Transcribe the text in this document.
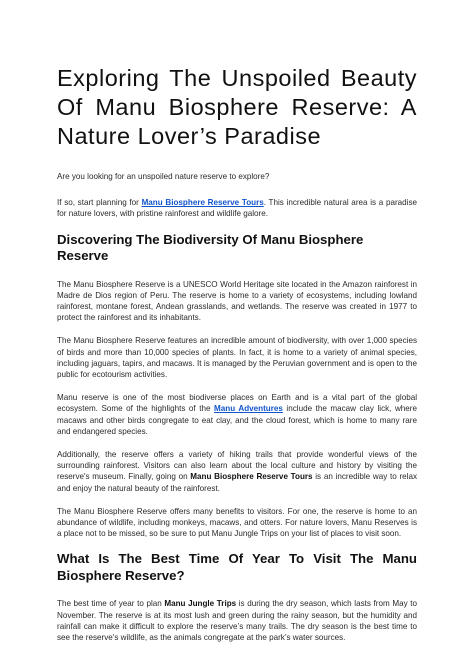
Exploring The Unspoiled Beauty Of Manu Biosphere Reserve: A Nature Lover’s Paradise

Are you looking for an unspoiled nature reserve to explore?

If so, start planning for Manu Biosphere Reserve Tours. This incredible natural area is a paradise for nature lovers, with pristine rainforest and wildlife galore.

Discovering The Biodiversity Of Manu Biosphere Reserve

The Manu Biosphere Reserve is a UNESCO World Heritage site located in the Amazon rainforest in Madre de Dios region of Peru. The reserve is home to a variety of ecosystems, including lowland rainforest, montane forest, Andean grasslands, and wetlands. The reserve was created in 1977 to protect the rainforest and its inhabitants.

The Manu Biosphere Reserve features an incredible amount of biodiversity, with over 1,000 species of birds and more than 10,000 species of plants. In fact, it is home to a variety of animal species, including jaguars, tapirs, and macaws. It is managed by the Peruvian government and is open to the public for ecotourism activities.

Manu reserve is one of the most biodiverse places on Earth and is a vital part of the global ecosystem. Some of the highlights of the Manu Adventures include the macaw clay lick, where macaws and other birds congregate to eat clay, and the cloud forest, which is home to many rare and endangered species.

Additionally, the reserve offers a variety of hiking trails that provide wonderful views of the surrounding rainforest. Visitors can also learn about the local culture and history by visiting the reserve's museum. Finally, going on Manu Biosphere Reserve Tours is an incredible way to relax and enjoy the natural beauty of the rainforest.

The Manu Biosphere Reserve offers many benefits to visitors. For one, the reserve is home to an abundance of wildlife, including monkeys, macaws, and otters. For nature lovers, Manu Reserves is a place not to be missed, so be sure to put Manu Jungle Trips on your list of places to visit soon.

What Is The Best Time Of Year To Visit The Manu Biosphere Reserve?

The best time of year to plan Manu Jungle Trips is during the dry season, which lasts from May to November. The reserve is at its most lush and green during the rainy season, but the humidity and rainfall can make it difficult to explore the reserve’s many trails. The dry season is the best time to see the reserve's wildlife, as the animals congregate at the park’s water sources.
